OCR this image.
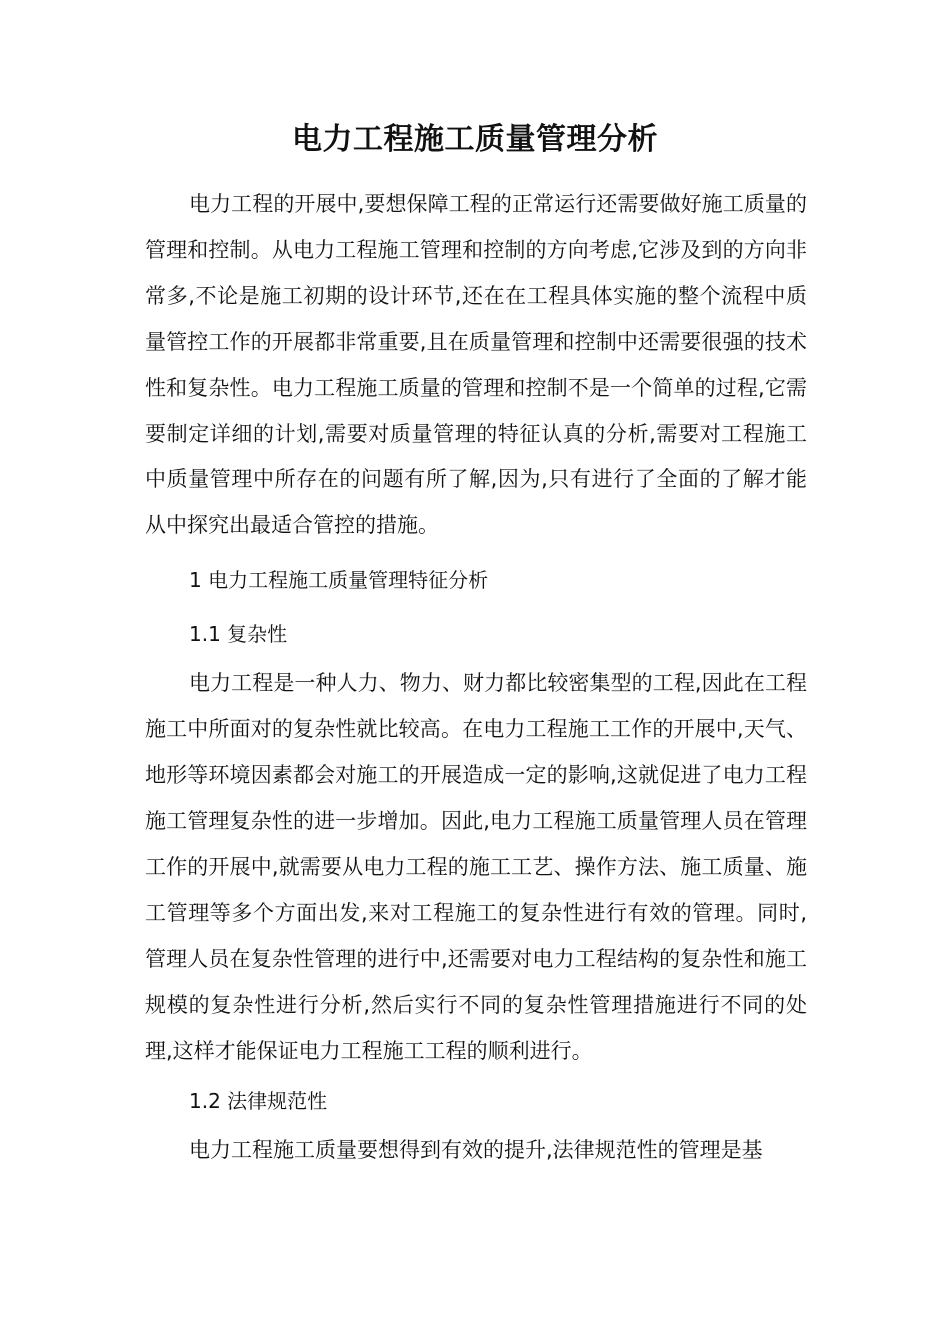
电力工程施工质量管理分析

电力工程的开展中,要想保障工程的正常运行还需要做好施工质量的管理和控制。从电力工程施工管理和控制的方向考虑,它涉及到的方向非常多,不论是施工初期的设计环节,还在在工程具体实施的整个流程中质量管控工作的开展都非常重要,且在质量管理和控制中还需要很强的技术性和复杂性。电力工程施工质量的管理和控制不是一个简单的过程,它需要制定详细的计划,需要对质量管理的特征认真的分析,需要对工程施工中质量管理中所存在的问题有所了解,因为,只有进行了全面的了解才能从中探究出最适合管控的措施。

1 电力工程施工质量管理特征分析

1.1 复杂性

电力工程是一种人力、物力、财力都比较密集型的工程,因此在工程施工中所面对的复杂性就比较高。在电力工程施工工作的开展中,天气、地形等环境因素都会对施工的开展造成一定的影响,这就促进了电力工程施工管理复杂性的进一步增加。因此,电力工程施工质量管理人员在管理工作的开展中,就需要从电力工程的施工工艺、操作方法、施工质量、施工管理等多个方面出发,来对工程施工的复杂性进行有效的管理。同时,管理人员在复杂性管理的进行中,还需要对电力工程结构的复杂性和施工规模的复杂性进行分析,然后实行不同的复杂性管理措施进行不同的处理,这样才能保证电力工程施工工程的顺利进行。

1.2 法律规范性

电力工程施工质量要想得到有效的提升,法律规范性的管理是基
